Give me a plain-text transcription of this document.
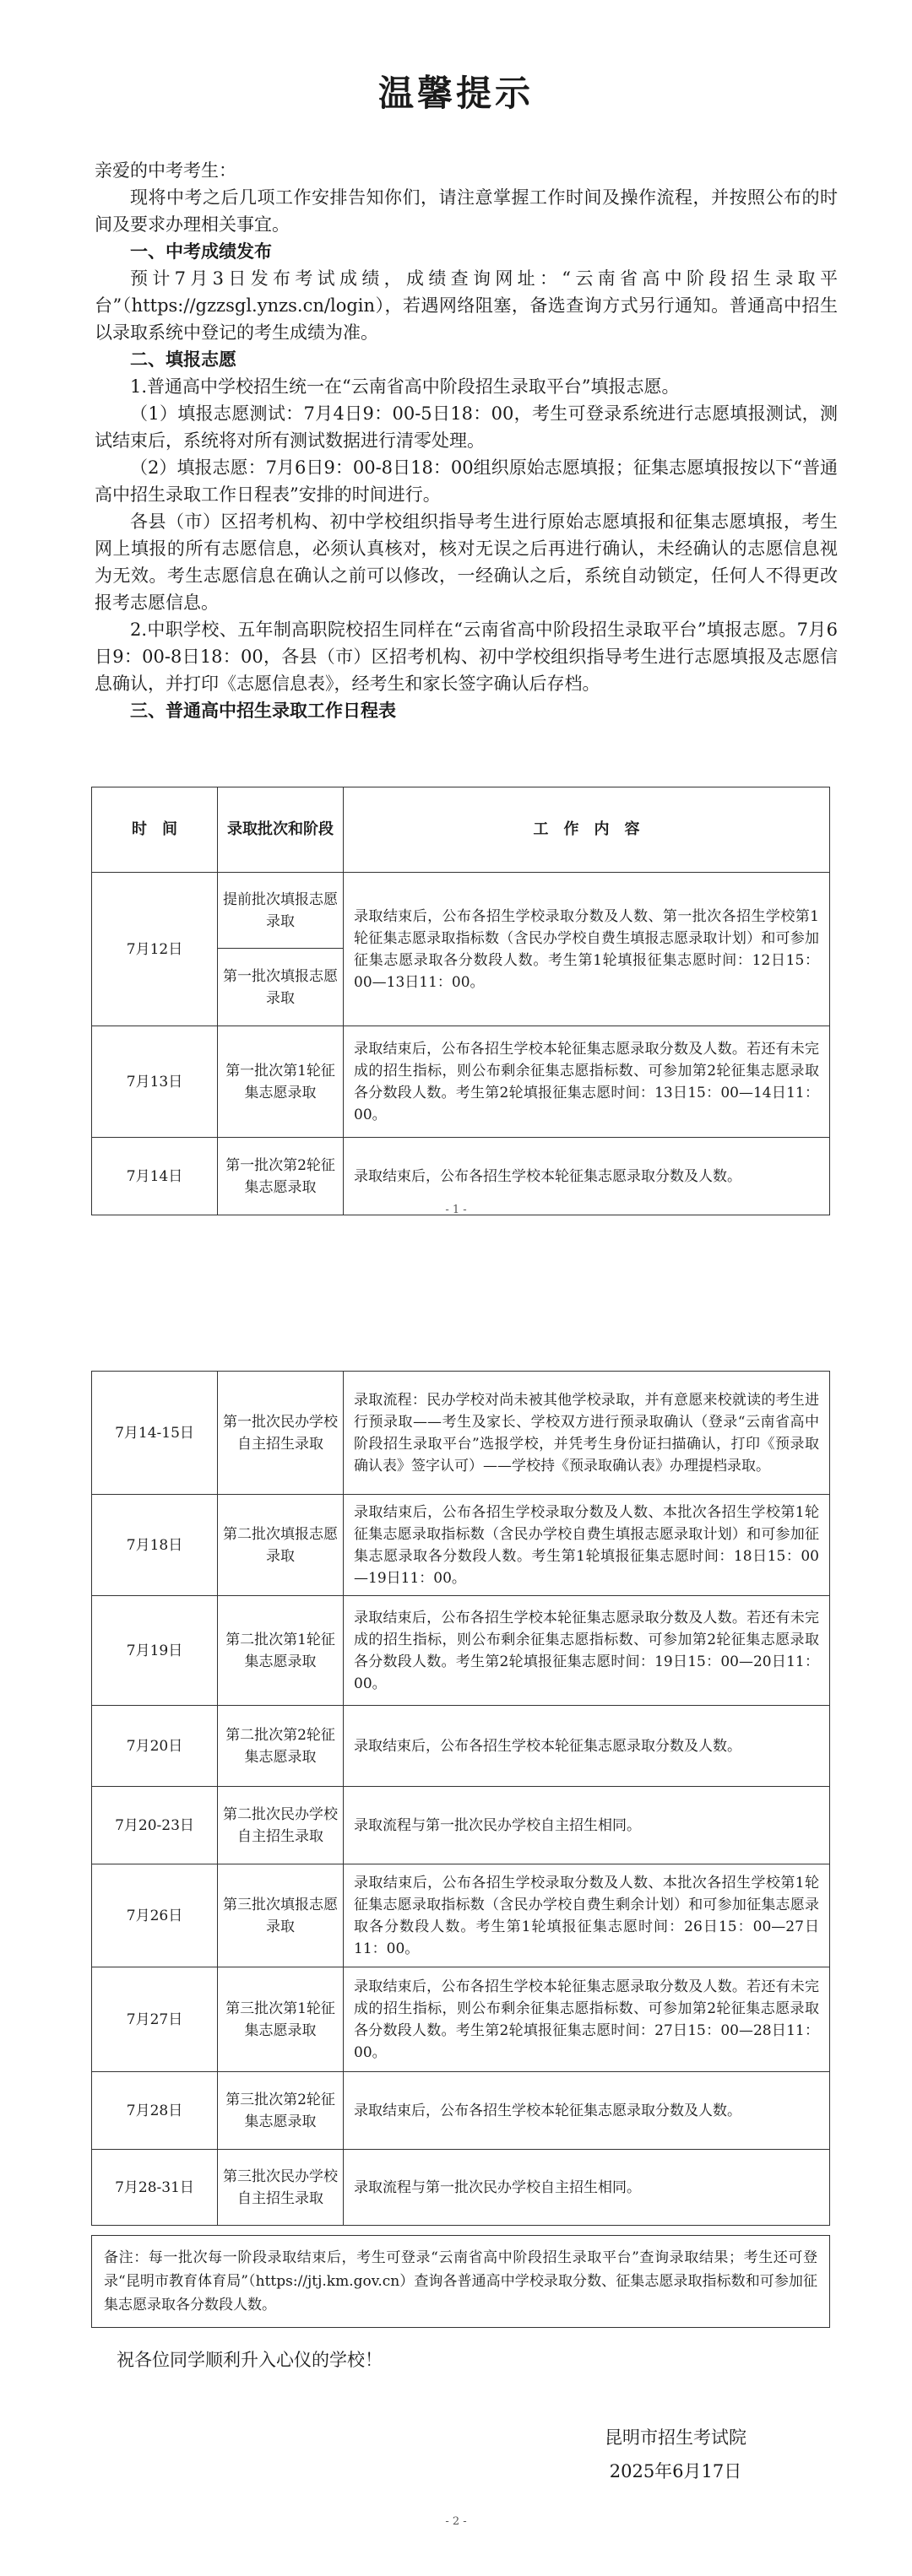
温馨提示

亲爱的中考考生：

现将中考之后几项工作安排告知你们，请注意掌握工作时间及操作流程，并按照公布的时间及要求办理相关事宜。

一、中考成绩发布

预计7月3日发布考试成绩，成绩查询网址：“云南省高中阶段招生录取平台”（https://gzzsgl.ynzs.cn/login），若遇网络阻塞，备选查询方式另行通知。普通高中招生以录取系统中登记的考生成绩为准。

二、填报志愿

1.普通高中学校招生统一在“云南省高中阶段招生录取平台”填报志愿。

（1）填报志愿测试：7月4日9：00-5日18：00，考生可登录系统进行志愿填报测试，测试结束后，系统将对所有测试数据进行清零处理。

（2）填报志愿：7月6日9：00-8日18：00组织原始志愿填报；征集志愿填报按以下“普通高中招生录取工作日程表”安排的时间进行。

各县（市）区招考机构、初中学校组织指导考生进行原始志愿填报和征集志愿填报，考生网上填报的所有志愿信息，必须认真核对，核对无误之后再进行确认，未经确认的志愿信息视为无效。考生志愿信息在确认之前可以修改，一经确认之后，系统自动锁定，任何人不得更改报考志愿信息。

2.中职学校、五年制高职院校招生同样在“云南省高中阶段招生录取平台”填报志愿。7月6日9：00-8日18：00，各县（市）区招考机构、初中学校组织指导考生进行志愿填报及志愿信息确认，并打印《志愿信息表》，经考生和家长签字确认后存档。

三、普通高中招生录取工作日程表

时　间	录取批次和阶段	工　作　内　容
7月12日	提前批次填报志愿录取	录取结束后，公布各招生学校录取分数及人数、第一批次各招生学校第1轮征集志愿录取指标数（含民办学校自费生填报志愿录取计划）和可参加征集志愿录取各分数段人数。考生第1轮填报征集志愿时间：12日15：00—13日11：00。
	第一批次填报志愿录取	
7月13日	第一批次第1轮征集志愿录取	录取结束后，公布各招生学校本轮征集志愿录取分数及人数。若还有未完成的招生指标，则公布剩余征集志愿指标数、可参加第2轮征集志愿录取各分数段人数。考生第2轮填报征集志愿时间：13日15：00—14日11：00。
7月14日	第一批次第2轮征集志愿录取	录取结束后，公布各招生学校本轮征集志愿录取分数及人数。
- 1 -
7月14-15日	第一批次民办学校自主招生录取	录取流程：民办学校对尚未被其他学校录取，并有意愿来校就读的考生进行预录取——考生及家长、学校双方进行预录取确认（登录“云南省高中阶段招生录取平台”选报学校，并凭考生身份证扫描确认，打印《预录取确认表》签字认可）——学校持《预录取确认表》办理提档录取。
7月18日	第二批次填报志愿录取	录取结束后，公布各招生学校录取分数及人数、本批次各招生学校第1轮征集志愿录取指标数（含民办学校自费生填报志愿录取计划）和可参加征集志愿录取各分数段人数。考生第1轮填报征集志愿时间：18日15：00—19日11：00。
7月19日	第二批次第1轮征集志愿录取	录取结束后，公布各招生学校本轮征集志愿录取分数及人数。若还有未完成的招生指标，则公布剩余征集志愿指标数、可参加第2轮征集志愿录取各分数段人数。考生第2轮填报征集志愿时间：19日15：00—20日11：00。
7月20日	第二批次第2轮征集志愿录取	录取结束后，公布各招生学校本轮征集志愿录取分数及人数。
7月20-23日	第二批次民办学校自主招生录取	录取流程与第一批次民办学校自主招生相同。
7月26日	第三批次填报志愿录取	录取结束后，公布各招生学校录取分数及人数、本批次各招生学校第1轮征集志愿录取指标数（含民办学校自费生剩余计划）和可参加征集志愿录取各分数段人数。考生第1轮填报征集志愿时间：26日15：00—27日11：00。
7月27日	第三批次第1轮征集志愿录取	录取结束后，公布各招生学校本轮征集志愿录取分数及人数。若还有未完成的招生指标，则公布剩余征集志愿指标数、可参加第2轮征集志愿录取各分数段人数。考生第2轮填报征集志愿时间：27日15：00—28日11：00。
7月28日	第三批次第2轮征集志愿录取	录取结束后，公布各招生学校本轮征集志愿录取分数及人数。
7月28-31日	第三批次民办学校自主招生录取	录取流程与第一批次民办学校自主招生相同。
备注：每一批次每一阶段录取结束后，考生可登录“云南省高中阶段招生录取平台”查询录取结果；考生还可登录“昆明市教育体育局”（https://jtj.km.gov.cn）查询各普通高中学校录取分数、征集志愿录取指标数和可参加征集志愿录取各分数段人数。
祝各位同学顺利升入心仪的学校！
昆明市招生考试院
2025年6月17日
- 2 -
